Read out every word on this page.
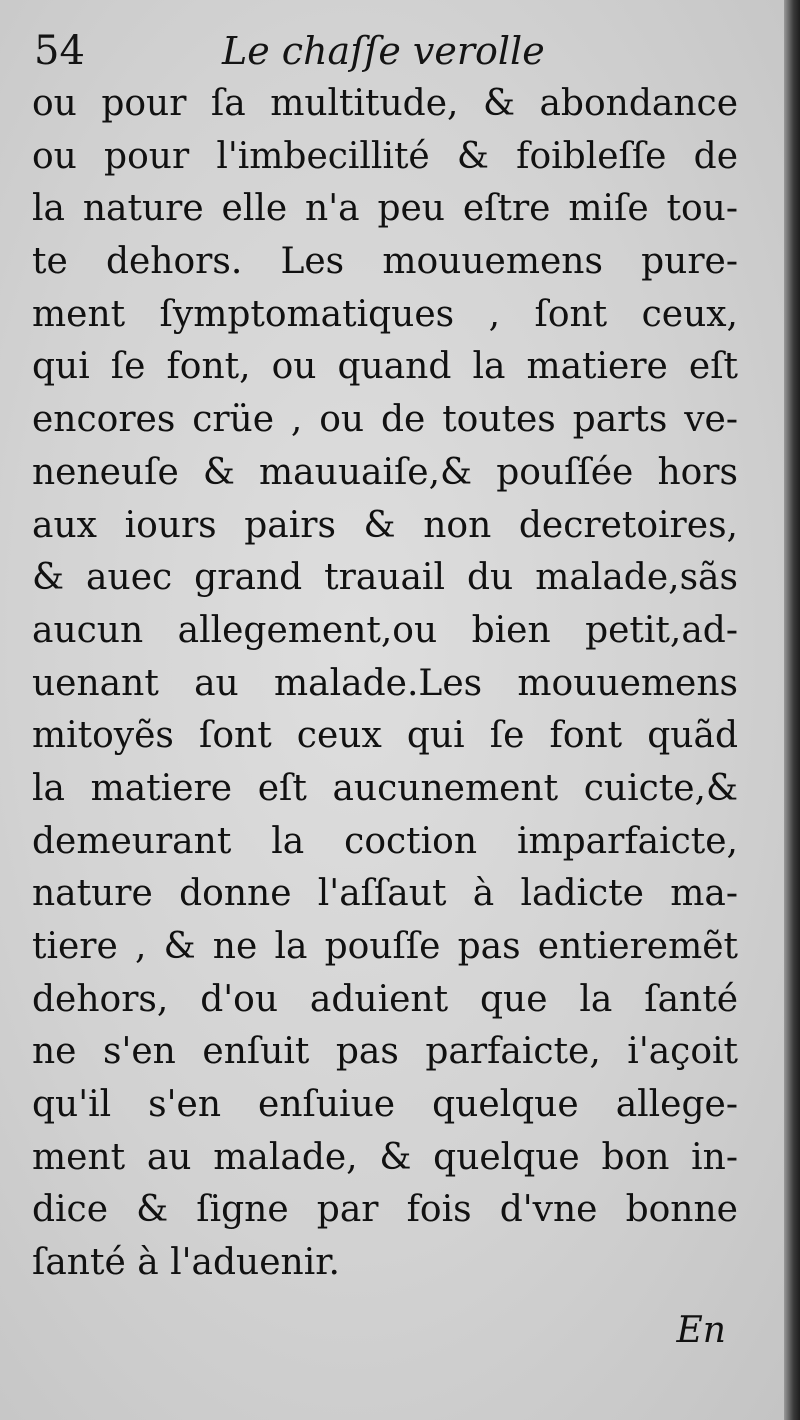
54	Le chaſſe verolle
ou pour ſa multitude, & abondance
ou pour l'imbecillité & foibleſſe de
la nature elle n'a peu eſtre miſe tou-
te dehors. Les mouuemens pure-
ment ſymptomatiques , ſont ceux,
qui ſe font, ou quand la matiere eſt
encores crüe , ou de toutes parts ve-
neneuſe & mauuaiſe,& pouſſée hors
aux iours pairs & non decretoires,
& auec grand trauail du malade,sãs
aucun allegement,ou bien petit,ad-
uenant au malade.Les mouuemens
mitoyẽs ſont ceux qui ſe font quãd
la matiere eſt aucunement cuicte,&
demeurant la coction imparfaicte,
nature donne l'aſſaut à ladicte ma-
tiere , & ne la pouſſe pas entieremẽt
dehors, d'ou aduient que la ſanté
ne s'en enſuit pas parfaicte, i'açoit
qu'il s'en enſuiue quelque allege-
ment au malade, & quelque bon in-
dice & ſigne par fois d'vne bonne
ſanté à l'aduenir.
En
